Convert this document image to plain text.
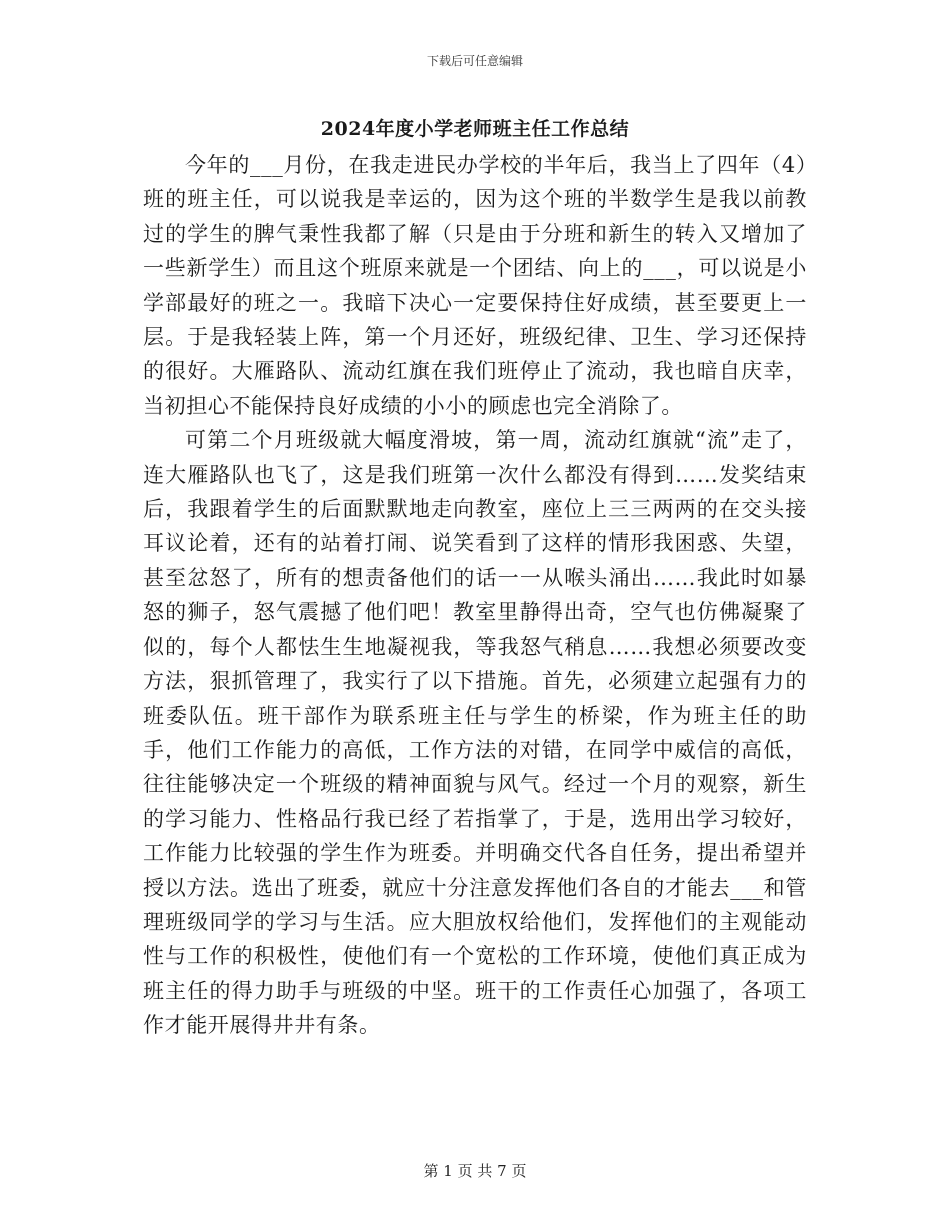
下载后可任意编辑
2024年度小学老师班主任工作总结

今年的___月份，在我走进民办学校的半年后，我当上了四年（4）班的班主任，可以说我是幸运的，因为这个班的半数学生是我以前教过的学生的脾气秉性我都了解（只是由于分班和新生的转入又增加了一些新学生）而且这个班原来就是一个团结、向上的___，可以说是小学部最好的班之一。我暗下决心一定要保持住好成绩，甚至要更上一层。于是我轻装上阵，第一个月还好，班级纪律、卫生、学习还保持的很好。大雁路队、流动红旗在我们班停止了流动，我也暗自庆幸，当初担心不能保持良好成绩的小小的顾虑也完全消除了。

可第二个月班级就大幅度滑坡，第一周，流动红旗就“流”走了，连大雁路队也飞了，这是我们班第一次什么都没有得到……发奖结束后，我跟着学生的后面默默地走向教室，座位上三三两两的在交头接耳议论着，还有的站着打闹、说笑看到了这样的情形我困惑、失望，甚至忿怒了，所有的想责备他们的话一一从喉头涌出……我此时如暴怒的狮子，怒气震撼了他们吧！教室里静得出奇，空气也仿佛凝聚了似的，每个人都怯生生地凝视我，等我怒气稍息……我想必须要改变方法，狠抓管理了，我实行了以下措施。首先，必须建立起强有力的班委队伍。班干部作为联系班主任与学生的桥梁，作为班主任的助手，他们工作能力的高低，工作方法的对错，在同学中威信的高低，往往能够决定一个班级的精神面貌与风气。经过一个月的观察，新生的学习能力、性格品行我已经了若指掌了，于是，选用出学习较好，工作能力比较强的学生作为班委。并明确交代各自任务，提出希望并授以方法。选出了班委，就应十分注意发挥他们各自的才能去___和管理班级同学的学习与生活。应大胆放权给他们，发挥他们的主观能动性与工作的积极性，使他们有一个宽松的工作环境，使他们真正成为班主任的得力助手与班级的中坚。班干的工作责任心加强了，各项工作才能开展得井井有条。

第 1 页 共 7 页
